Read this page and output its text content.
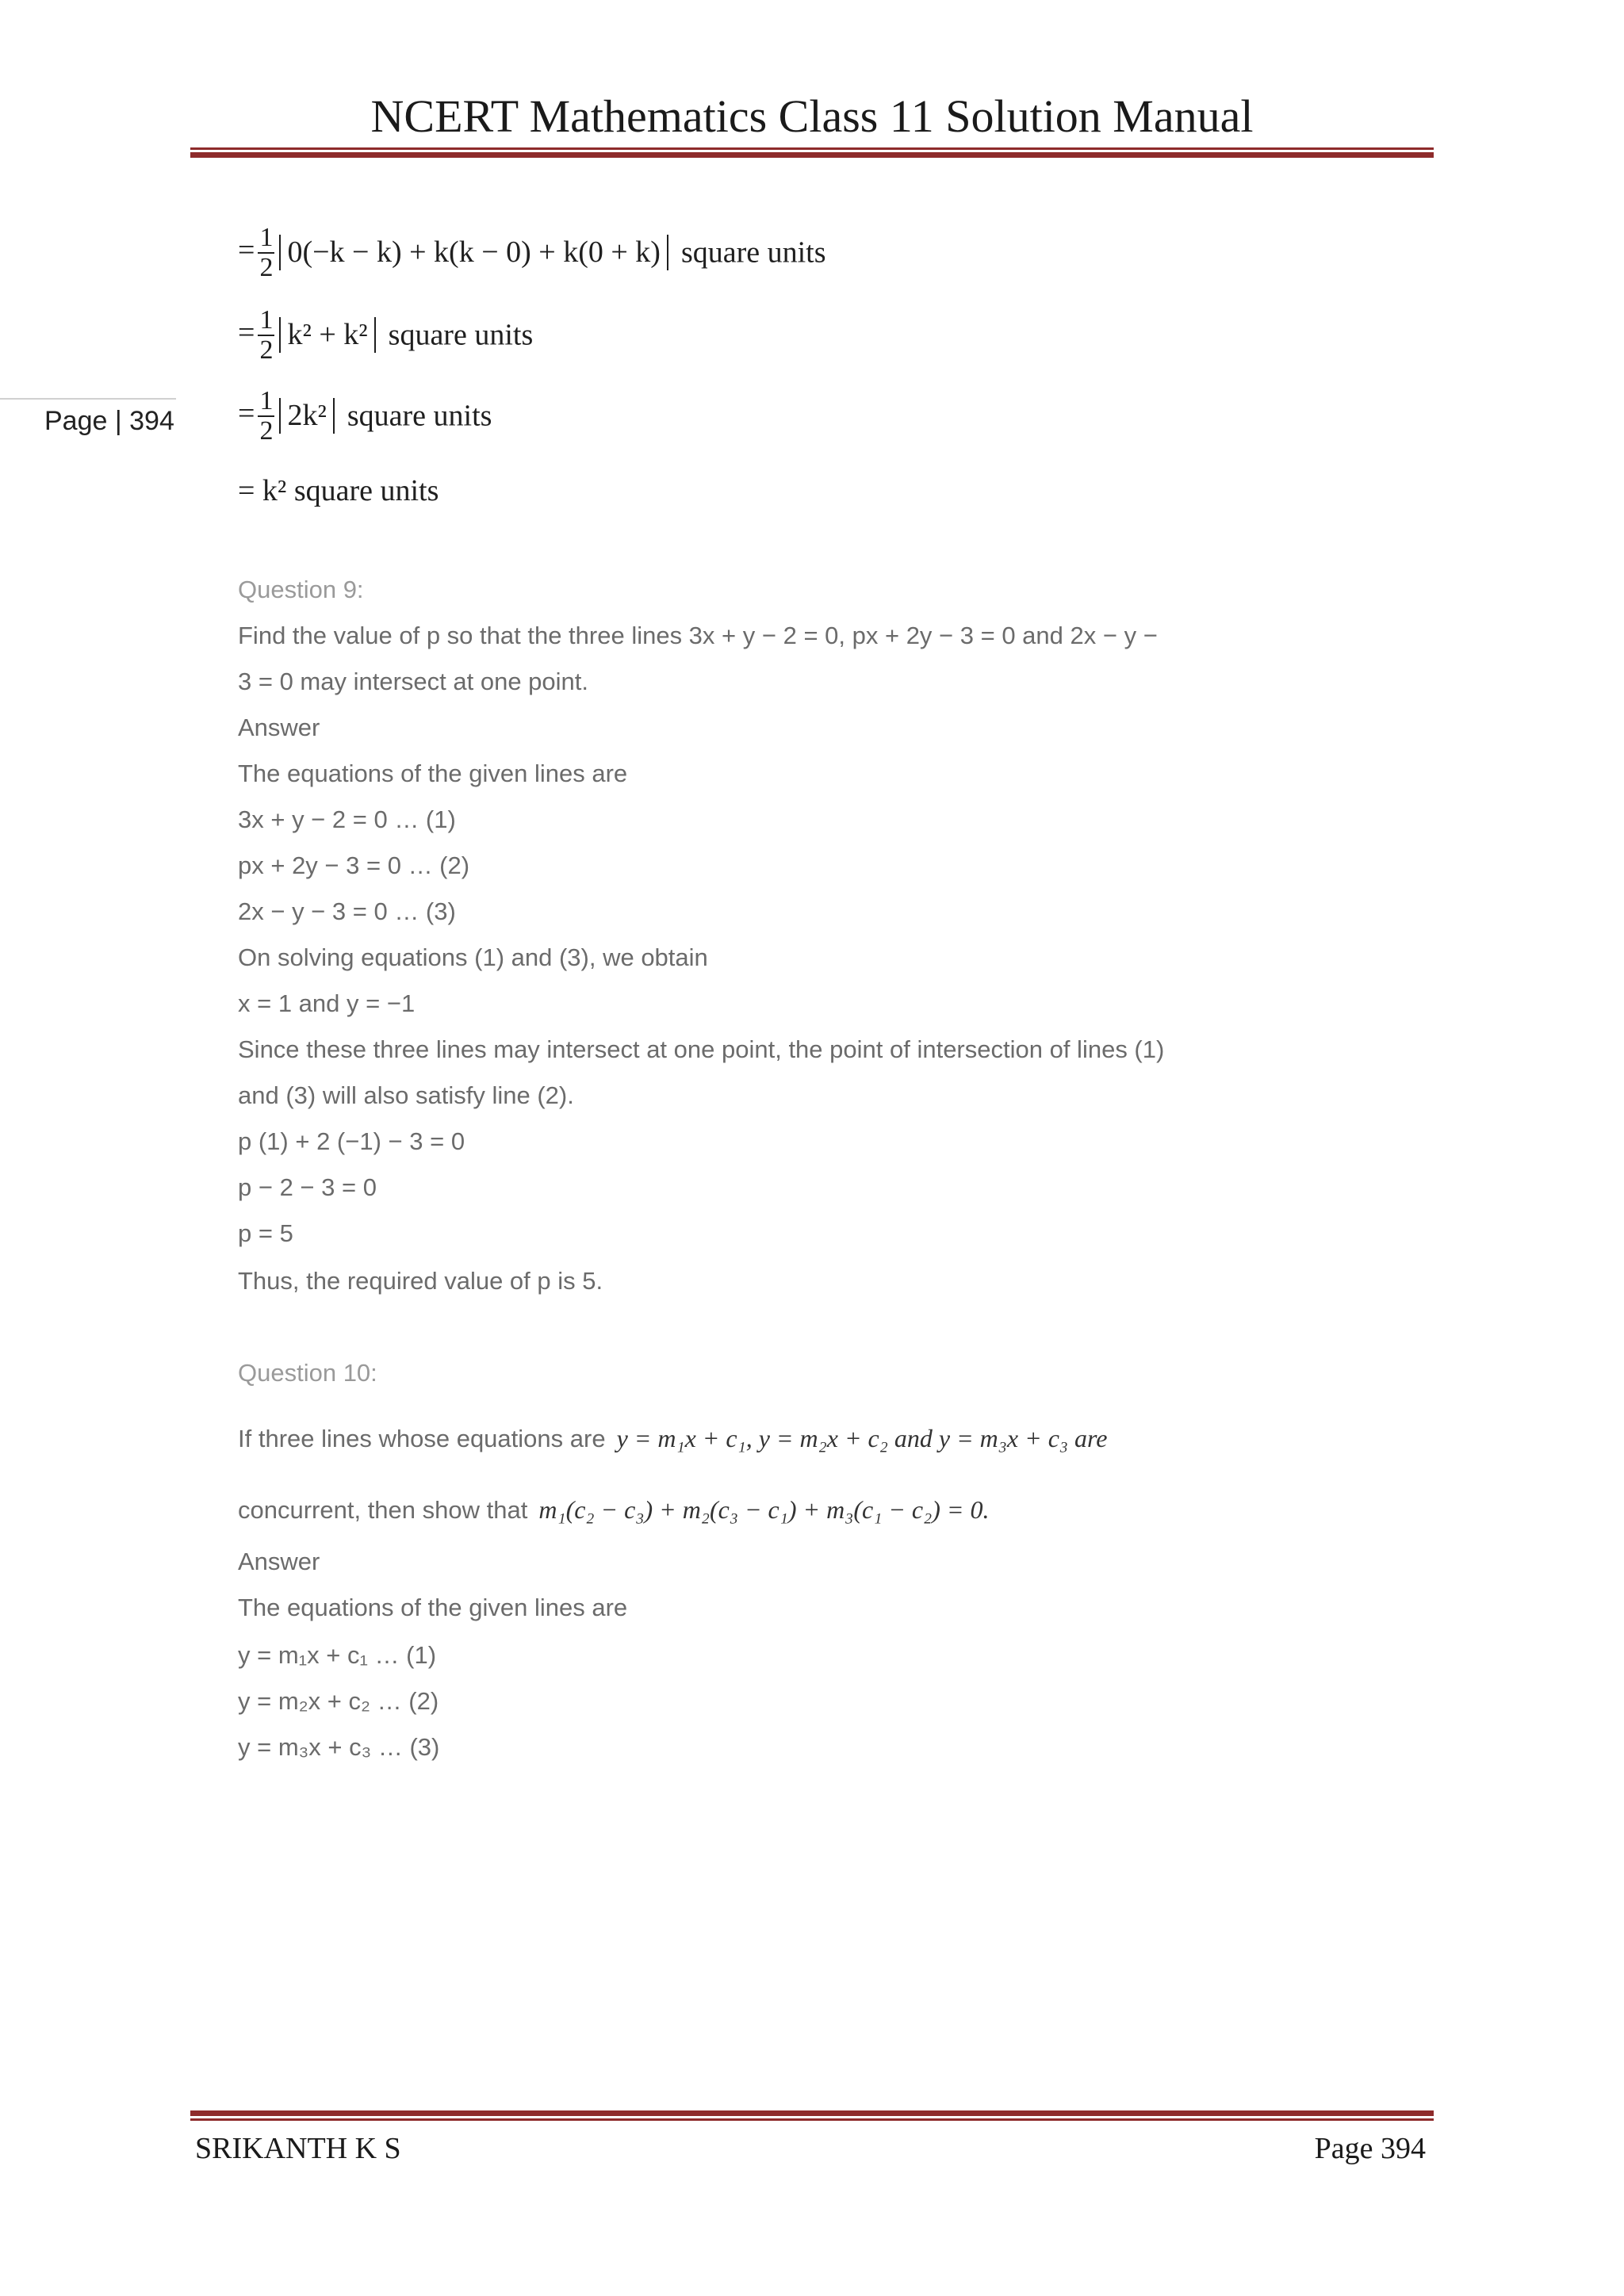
NCERT Mathematics Class 11 Solution Manual
Page | 394
= $\frac{1}{2} 0(-k - k) + k(k - 0) + k(0 + k)$ square units
= $\frac{1}{2} k^2 + k^2$ square units
= $\frac{1}{2} 2k^2$ square units
= k² square units
Question 9:
Find the value of p so that the three lines 3x + y − 2 = 0, px + 2y − 3 = 0 and 2x − y −
3 = 0 may intersect at one point.
Answer
The equations of the given lines are
3x + y − 2 = 0 … (1)
px + 2y − 3 = 0 … (2)
2x − y − 3 = 0 … (3)
On solving equations (1) and (3), we obtain
x = 1 and y = −1
Since these three lines may intersect at one point, the point of intersection of lines (1)
and (3) will also satisfy line (2).
p (1) + 2 (−1) − 3 = 0
p − 2 − 3 = 0
p = 5
Thus, the required value of p is 5.
Question 10:
If three lines whose equations are y = m₁x + c₁, y = m₂x + c₂ and y = m₃x + c₃ are
concurrent, then show that m₁(c₂ − c₃) + m₂(c₃ − c₁) + m₃(c₁ − c₂) = 0.
Answer
The equations of the given lines are
y = m₁x + c₁ … (1)
y = m₂x + c₂ … (2)
y = m₃x + c₃ … (3)
SRIKANTH K S	Page 394
